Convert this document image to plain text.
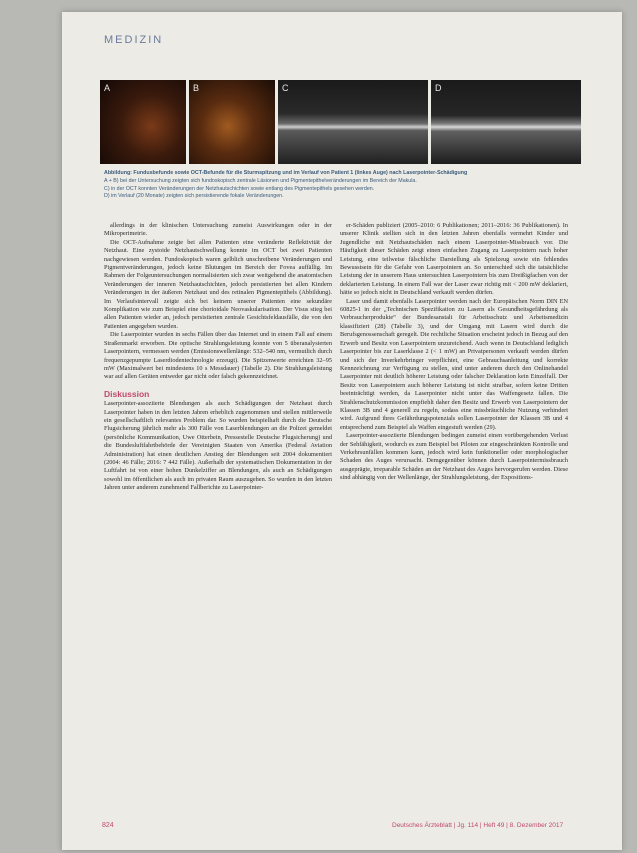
MEDIZIN
A	B	C	D
Abbildung: Fundusbefunde sowie OCT-Befunde für die Sturmspitzung und im Verlauf von Patient 1 (linkes Auge) nach Laserpointer-Schädigung
A + B) bei der Untersuchung zeigten sich fundoskopisch zentrale Läsionen und Pigmentepithelveränderungen im Bereich der Makula.
C) in der OCT konnten Veränderungen der Netzhautschichten sowie entlang des Pigmentepithels gesehen werden.
D) im Verlauf (20 Monate) zeigten sich persistierende fokale Veränderungen.

allerdings in der klinischen Untersuchung zumeist Auswirkungen oder in der Mikroperimetrie.

Die OCT-Aufnahme zeigte bei allen Patienten eine veränderte Reflektivität der Netzhaut. Eine zystoide Netzhautschwellung konnte im OCT bei zwei Patienten nachgewiesen werden. Fundoskopisch waren gelblich unschreibene Veränderungen und Pigmentveränderungen, jedoch keine Blutungen im Bereich der Fovea auffällig. Im Rahmen der Folgeuntersuchungen normalisierten sich zwar weitgehend die anatomischen Veränderungen der inneren Netzhautschichten, jedoch persistierten bei allen Kindern Veränderungen in der äußeren Netzhaut und des retinalen Pigmentepithels (Abbildung). Im Verlaufsintervall zeigte sich bei keinem unserer Patienten eine sekundäre Komplikation wie zum Beispiel eine chorioidale Neovaskularisation. Der Visus stieg bei allen Patienten wieder an, jedoch persistierten zentrale Gesichtsfeldausfälle, die von den Patienten angegeben wurden.

Die Laserpointer wurden in sechs Fällen über das Internet und in einem Fall auf einem Straßenmarkt erworben. Die optische Strahlungsleistung konnte von 5 überanalysierten Laserpointern, vermessen werden (Emissionswellenlänge: 532–540 nm, vermutlich durch frequenzgepumpte Laserdiodentechnologie erzeugt). Die Spitzenwerte erreichten 32–95 mW (Maximalwert bei mindestens 10 s Messdauer) (Tabelle 2). Die Strahlungsleistung war auf allen Geräten entweder gar nicht oder falsch gekennzeichnet.

Diskussion

Laserpointer-assoziierte Blendungen als auch Schädigungen der Netzhaut durch Laserpointer haben in den letzten Jahren erheblich zugenommen und stellen mittlerweile ein gesellschaftlich relevantes Problem dar. So wurden beispielhaft durch die Deutsche Flugsicherung jährlich mehr als 300 Fälle von Laserblendungen an die Polizei gemeldet (persönliche Kommunikation, Uwe Otterbein, Pressestelle Deutsche Flugsicherung) und die Bundesluftfahrtbehörde der Vereinigten Staaten von Amerika (Federal Aviation Administration) hat einen deutlichen Anstieg der Blendungen seit 2004 dokumentiert (2004: 46 Fälle; 2016: 7 442 Fälle). Außerhalb der systematischen Dokumentation in der Luftfahrt ist von einer hohen Dunkelziffer an Blendungen, als auch an Schädigungen sowohl im öffentlichen als auch im privaten Raum auszugehen. So wurden in den letzten Jahren unter anderem zunehmend Fallberichte zu Laserpointer-

er-Schäden publiziert (2005–2010: 6 Publikationen; 2011–2016: 36 Publikationen). In unserer Klinik stellten sich in den letzten Jahren ebenfalls vermehrt Kinder und Jugendliche mit Netzhautschäden nach einem Laserpointer-Missbrauch vor. Die Häufigkeit dieser Schäden zeigt einen einfachen Zugang zu Laserpointern nach hoher Leistung, eine teilweise fälschliche Darstellung als Spielzeug sowie ein fehlendes Bewusstsein für die Gefahr von Laserpointern an. So unterschied sich die tatsächliche Leistung der in unserem Haus untersuchten Laserpointern bis zum Dreißigfachen von der deklarierten Leistung. In einem Fall war der Laser zwar richtig mit < 200 mW deklariert, hätte so jedoch nicht in Deutschland verkauft werden dürfen.

Laser und damit ebenfalls Laserpointer werden nach der Europäischen Norm DIN EN 60825-1 in der „Technischen Spezifikation zu Lasern als Gesundheitsgefährdung als Verbraucherprodukte“ der Bundesanstalt für Arbeitsschutz und Arbeitsmedizin klassifiziert (28) (Tabelle 3), und der Umgang mit Lasern wird durch die Berufsgenossenschaft geregelt. Die rechtliche Situation erscheint jedoch in Bezug auf den Erwerb und Besitz von Laserpointern unzureichend. Auch wenn in Deutschland lediglich Laserpointer bis zur Laserklasse 2 (< 1 mW) an Privatpersonen verkauft werden dürfen und sich der Inverkehrbringer verpflichtet, eine Gebrauchsanleitung und korrekte Kennzeichnung zur Verfügung zu stellen, sind unter anderem durch den Onlinehandel Laserpointer mit deutlich höherer Leistung oder falscher Deklaration kein Einzelfall. Der Besitz von Laserpointern auch höherer Leistung ist nicht strafbar, sofern keine Dritten beeinträchtigt werden, da Laserpointer nicht unter das Waffengesetz fallen. Die Strahlenschutzkommission empfiehlt daher den Besitz und Erwerb von Laserpointern der Klassen 3B und 4 generell zu regeln, sodass eine missbräuchliche Nutzung verhindert wird. Aufgrund ihres Gefährdungspotenzials sollen Laserpointer der Klassen 3B und 4 entsprechend zum Beispiel als Waffen eingestuft werden (29).

Laserpointer-assoziierte Blendungen bedingen zumeist einen vorübergehenden Verlust der Sehfähigkeit, wodurch es zum Beispiel bei Piloten zur eingeschränkten Kontrolle und Verkehrsunfällen kommen kann, jedoch wird kein funktioneller oder morphologischer Schaden des Auges verursacht. Demgegenüber können durch Laserpointermissbrauch ausgeprägte, irreparable Schäden an der Netzhaut des Auges hervorgerufen werden. Diese sind abhängig von der Wellenlänge, der Strahlungsleistung, der Expositions-

824	Deutsches Ärzteblatt | Jg. 114 | Heft 49 | 8. Dezember 2017
